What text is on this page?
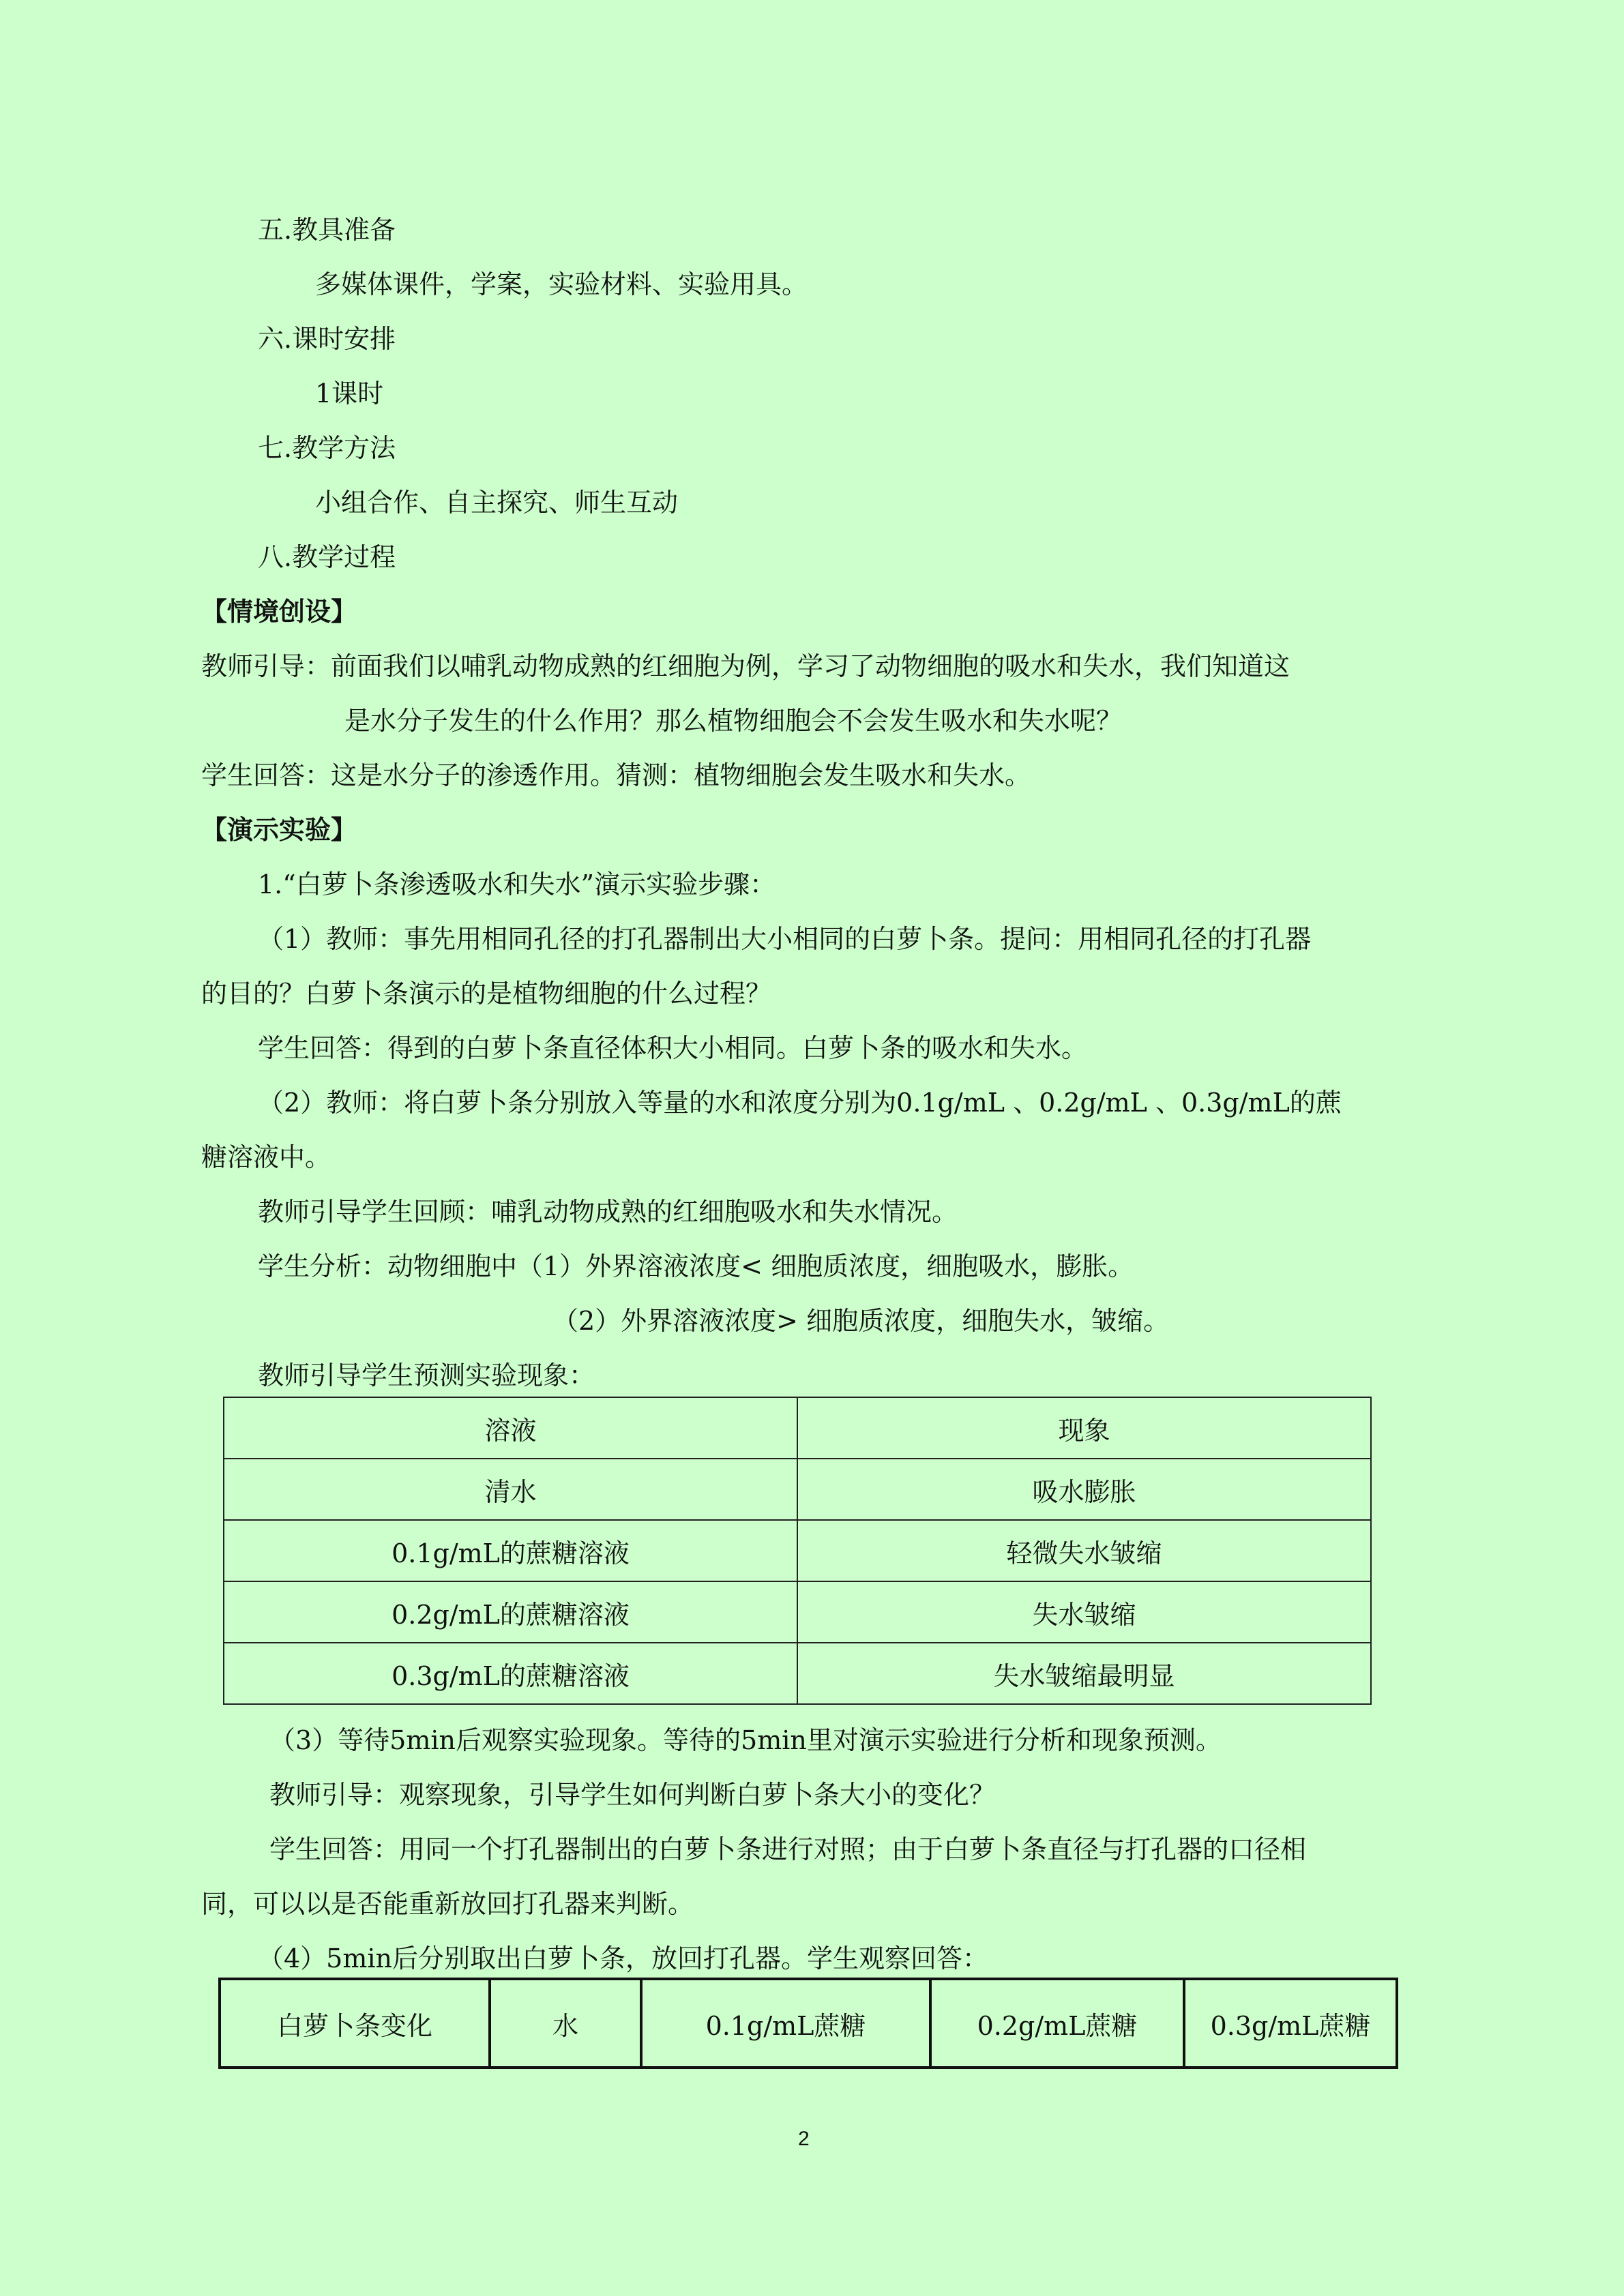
五.教具准备
多媒体课件，学案，实验材料、实验用具。
六.课时安排
1课时
七.教学方法
小组合作、自主探究、师生互动
八.教学过程
【情境创设】
教师引导：前面我们以哺乳动物成熟的红细胞为例，学习了动物细胞的吸水和失水，我们知道这
是水分子发生的什么作用？那么植物细胞会不会发生吸水和失水呢？
学生回答：这是水分子的渗透作用。猜测：植物细胞会发生吸水和失水。
【演示实验】
1.“白萝卜条渗透吸水和失水”演示实验步骤：
（1）教师：事先用相同孔径的打孔器制出大小相同的白萝卜条。提问：用相同孔径的打孔器
的目的？白萝卜条演示的是植物细胞的什么过程？
学生回答：得到的白萝卜条直径体积大小相同。白萝卜条的吸水和失水。
（2）教师：将白萝卜条分别放入等量的水和浓度分别为0.1g/mL 、0.2g/mL 、0.3g/mL的蔗
糖溶液中。
教师引导学生回顾：哺乳动物成熟的红细胞吸水和失水情况。
学生分析：动物细胞中（1）外界溶液浓度< 细胞质浓度，细胞吸水，膨胀。
（2）外界溶液浓度> 细胞质浓度，细胞失水，皱缩。
教师引导学生预测实验现象：
溶液	现象
清水	吸水膨胀
0.1g/mL的蔗糖溶液	轻微失水皱缩
0.2g/mL的蔗糖溶液	失水皱缩
0.3g/mL的蔗糖溶液	失水皱缩最明显
（3）等待5min后观察实验现象。等待的5min里对演示实验进行分析和现象预测。
教师引导：观察现象，引导学生如何判断白萝卜条大小的变化？
学生回答：用同一个打孔器制出的白萝卜条进行对照；由于白萝卜条直径与打孔器的口径相
同，可以以是否能重新放回打孔器来判断。
（4）5min后分别取出白萝卜条，放回打孔器。学生观察回答：
白萝卜条变化	水	0.1g/mL蔗糖	0.2g/mL蔗糖	0.3g/mL蔗糖
2
